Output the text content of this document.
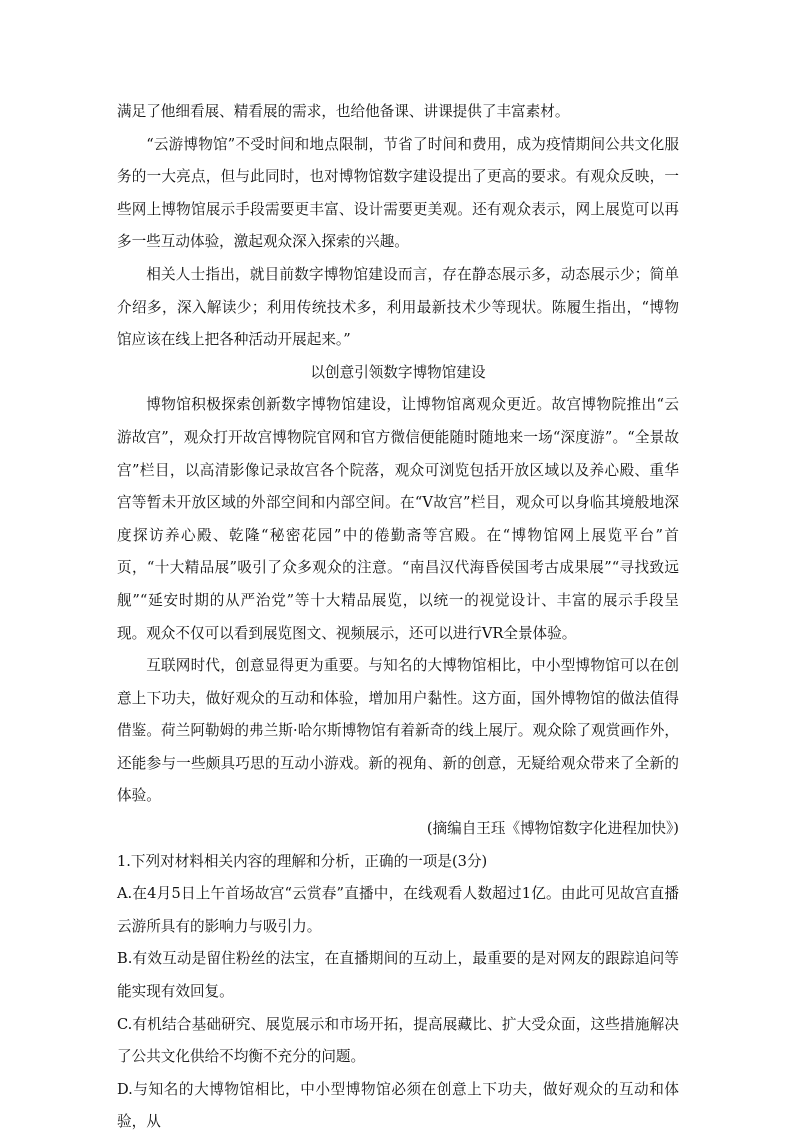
满足了他细看展、精看展的需求，也给他备课、讲课提供了丰富素材。

“云游博物馆”不受时间和地点限制，节省了时间和费用，成为疫情期间公共文化服务的一大亮点，但与此同时，也对博物馆数字建设提出了更高的要求。有观众反映，一些网上博物馆展示手段需要更丰富、设计需要更美观。还有观众表示，网上展览可以再多一些互动体验，激起观众深入探索的兴趣。

相关人士指出，就目前数字博物馆建设而言，存在静态展示多，动态展示少；简单介绍多，深入解读少；利用传统技术多，利用最新技术少等现状。陈履生指出，“博物馆应该在线上把各种活动开展起来。”

以创意引领数字博物馆建设

博物馆积极探索创新数字博物馆建设，让博物馆离观众更近。故宫博物院推出“云游故宫”，观众打开故宫博物院官网和官方微信便能随时随地来一场“深度游”。“全景故宫”栏目，以高清影像记录故宫各个院落，观众可浏览包括开放区域以及养心殿、重华宫等暂未开放区域的外部空间和内部空间。在“V故宫”栏目，观众可以身临其境般地深度探访养心殿、乾隆“秘密花园”中的倦勤斋等宫殿。在“博物馆网上展览平台”首页，“十大精品展”吸引了众多观众的注意。“南昌汉代海昏侯国考古成果展”“寻找致远舰”“延安时期的从严治党”等十大精品展览，以统一的视觉设计、丰富的展示手段呈现。观众不仅可以看到展览图文、视频展示，还可以进行VR全景体验。

互联网时代，创意显得更为重要。与知名的大博物馆相比，中小型博物馆可以在创意上下功夫，做好观众的互动和体验，增加用户黏性。这方面，国外博物馆的做法值得借鉴。荷兰阿勒姆的弗兰斯·哈尔斯博物馆有着新奇的线上展厅。观众除了观赏画作外，还能参与一些颇具巧思的互动小游戏。新的视角、新的创意，无疑给观众带来了全新的体验。

(摘编自王珏《博物馆数字化进程加快》)

1.下列对材料相关内容的理解和分析，正确的一项是(3分)

A.在4月5日上午首场故宫“云赏春”直播中，在线观看人数超过1亿。由此可见故宫直播云游所具有的影响力与吸引力。

B.有效互动是留住粉丝的法宝，在直播期间的互动上，最重要的是对网友的跟踪追问等能实现有效回复。

C.有机结合基础研究、展览展示和市场开拓，提高展藏比、扩大受众面，这些措施解决了公共文化供给不均衡不充分的问题。

D.与知名的大博物馆相比，中小型博物馆必须在创意上下功夫，做好观众的互动和体验，从
